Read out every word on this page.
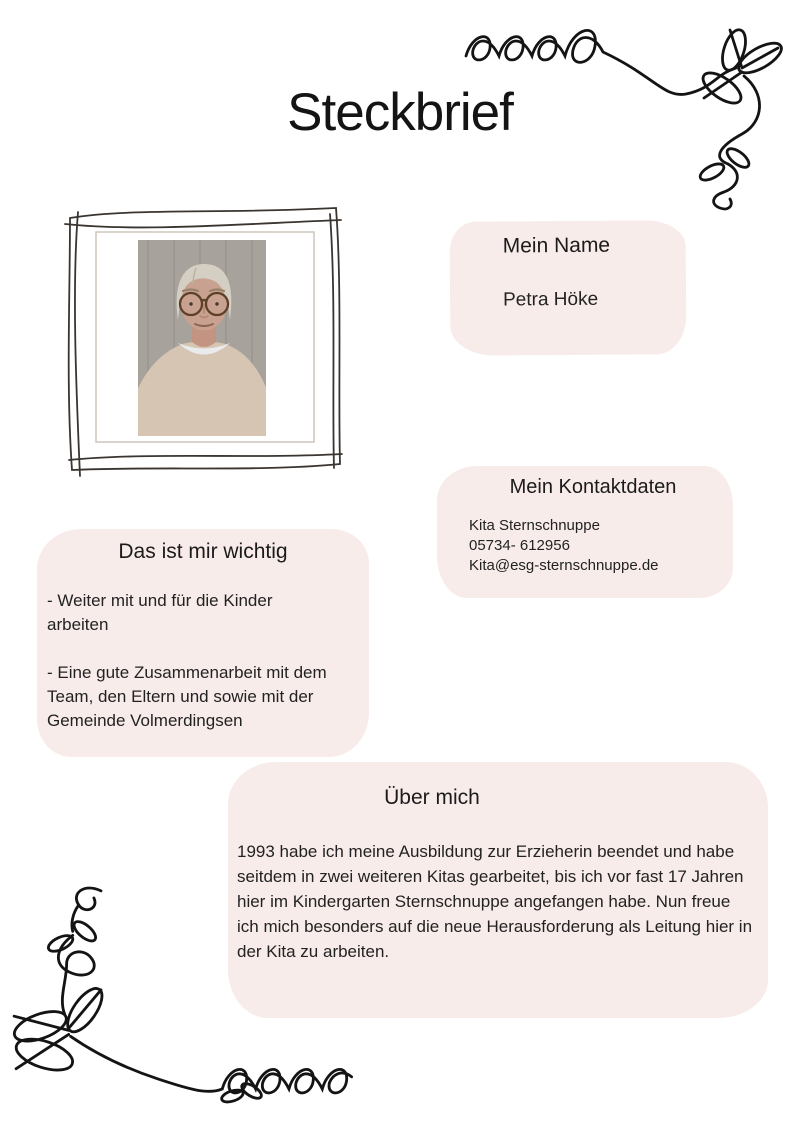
Steckbrief
Mein Name

Petra Höke

Mein Kontaktdaten

Kita Sternschnuppe

05734- 612956

Kita@esg-sternschnuppe.de

Das ist mir wichtig

- Weiter mit und für die Kinder arbeiten

- Eine gute Zusammenarbeit mit dem Team, den Eltern und sowie mit der Gemeinde Volmerdingsen

Über mich

1993 habe ich meine Ausbildung zur Erzieherin beendet und habe seitdem in zwei weiteren Kitas gearbeitet, bis ich vor fast 17 Jahren hier im Kindergarten Sternschnuppe angefangen habe. Nun freue ich mich besonders auf die neue Herausforderung als Leitung hier in der Kita zu arbeiten.
